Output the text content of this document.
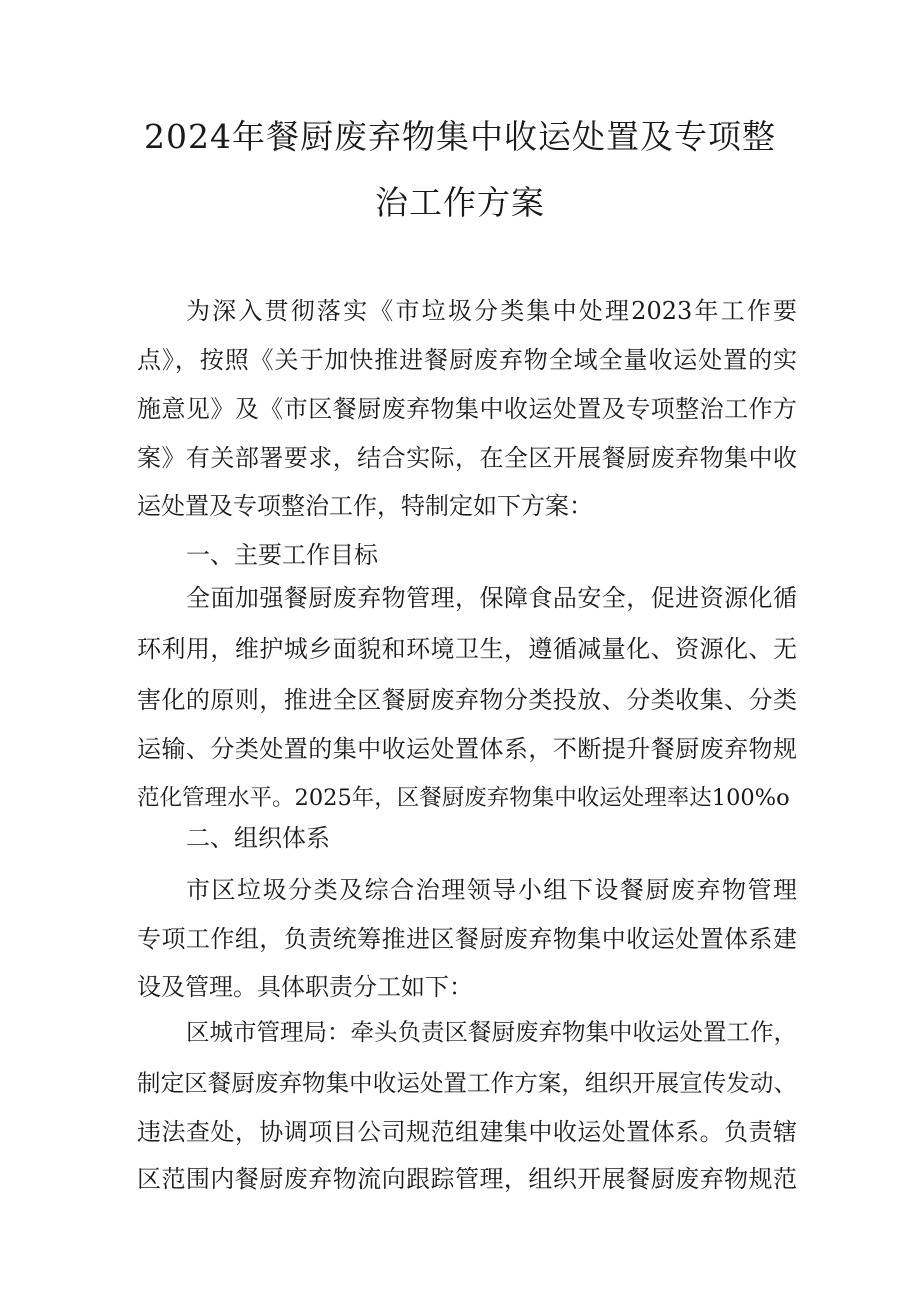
2024年餐厨废弃物集中收运处置及专项整
治工作方案
为深入贯彻落实《市垃圾分类集中处理2023年工作要
点》，按照《关于加快推进餐厨废弃物全域全量收运处置的实
施意见》及《市区餐厨废弃物集中收运处置及专项整治工作方
案》有关部署要求，结合实际，在全区开展餐厨废弃物集中收
运处置及专项整治工作，特制定如下方案：
一、主要工作目标
全面加强餐厨废弃物管理，保障食品安全，促进资源化循
环利用，维护城乡面貌和环境卫生，遵循减量化、资源化、无
害化的原则，推进全区餐厨废弃物分类投放、分类收集、分类
运输、分类处置的集中收运处置体系，不断提升餐厨废弃物规
范化管理水平。2025年，区餐厨废弃物集中收运处理率达100%o
二、组织体系
市区垃圾分类及综合治理领导小组下设餐厨废弃物管理
专项工作组，负责统筹推进区餐厨废弃物集中收运处置体系建
设及管理。具体职责分工如下：
区城市管理局：牵头负责区餐厨废弃物集中收运处置工作，
制定区餐厨废弃物集中收运处置工作方案，组织开展宣传发动、
违法查处，协调项目公司规范组建集中收运处置体系。负责辖
区范围内餐厨废弃物流向跟踪管理，组织开展餐厨废弃物规范
